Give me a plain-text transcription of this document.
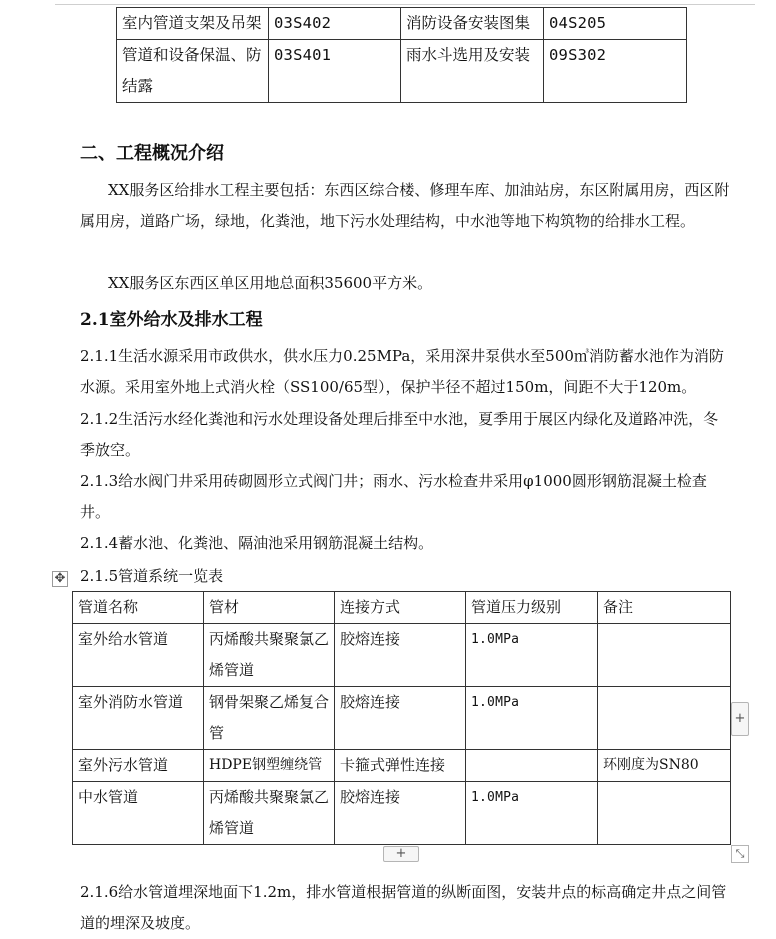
室内管道支架及吊架	03S402	消防设备安装图集	04S205
管道和设备保温、防结露	03S401	雨水斗选用及安装	09S302
二、工程概况介绍

XX服务区给排水工程主要包括：东西区综合楼、修理车库、加油站房，东区附属用房，西区附属用房，道路广场，绿地，化粪池，地下污水处理结构，中水池等地下构筑物的给排水工程。

XX服务区东西区单区用地总面积35600平方米。

2.1室外给水及排水工程

2.1.1生活水源采用市政供水，供水压力0.25MPa，采用深井泵供水至500㎥消防蓄水池作为消防水源。采用室外地上式消火栓（SS100/65型），保护半径不超过150m，间距不大于120m。

2.1.2生活污水经化粪池和污水处理设备处理后排至中水池，夏季用于展区内绿化及道路冲洗，冬季放空。

2.1.3给水阀门井采用砖砌圆形立式阀门井；雨水、污水检查井采用φ1000圆形钢筋混凝土检查井。

2.1.4蓄水池、化粪池、隔油池采用钢筋混凝土结构。

✥ 2.1.5管道系统一览表

管道名称	管材	连接方式	管道压力级别	备注
室外给水管道	丙烯酸共聚聚氯乙烯管道	胶熔连接	1.0MPa	
室外消防水管道	钢骨架聚乙烯复合管	胶熔连接	1.0MPa	
室外污水管道	HDPE钢塑缠绕管	卡箍式弹性连接		环刚度为SN80
中水管道	丙烯酸共聚聚氯乙烯管道	胶熔连接	1.0MPa	
+
+	⤡

2.1.6给水管道埋深地面下1.2m，排水管道根据管道的纵断面图，安装井点的标高确定井点之间管道的埋深及坡度。
